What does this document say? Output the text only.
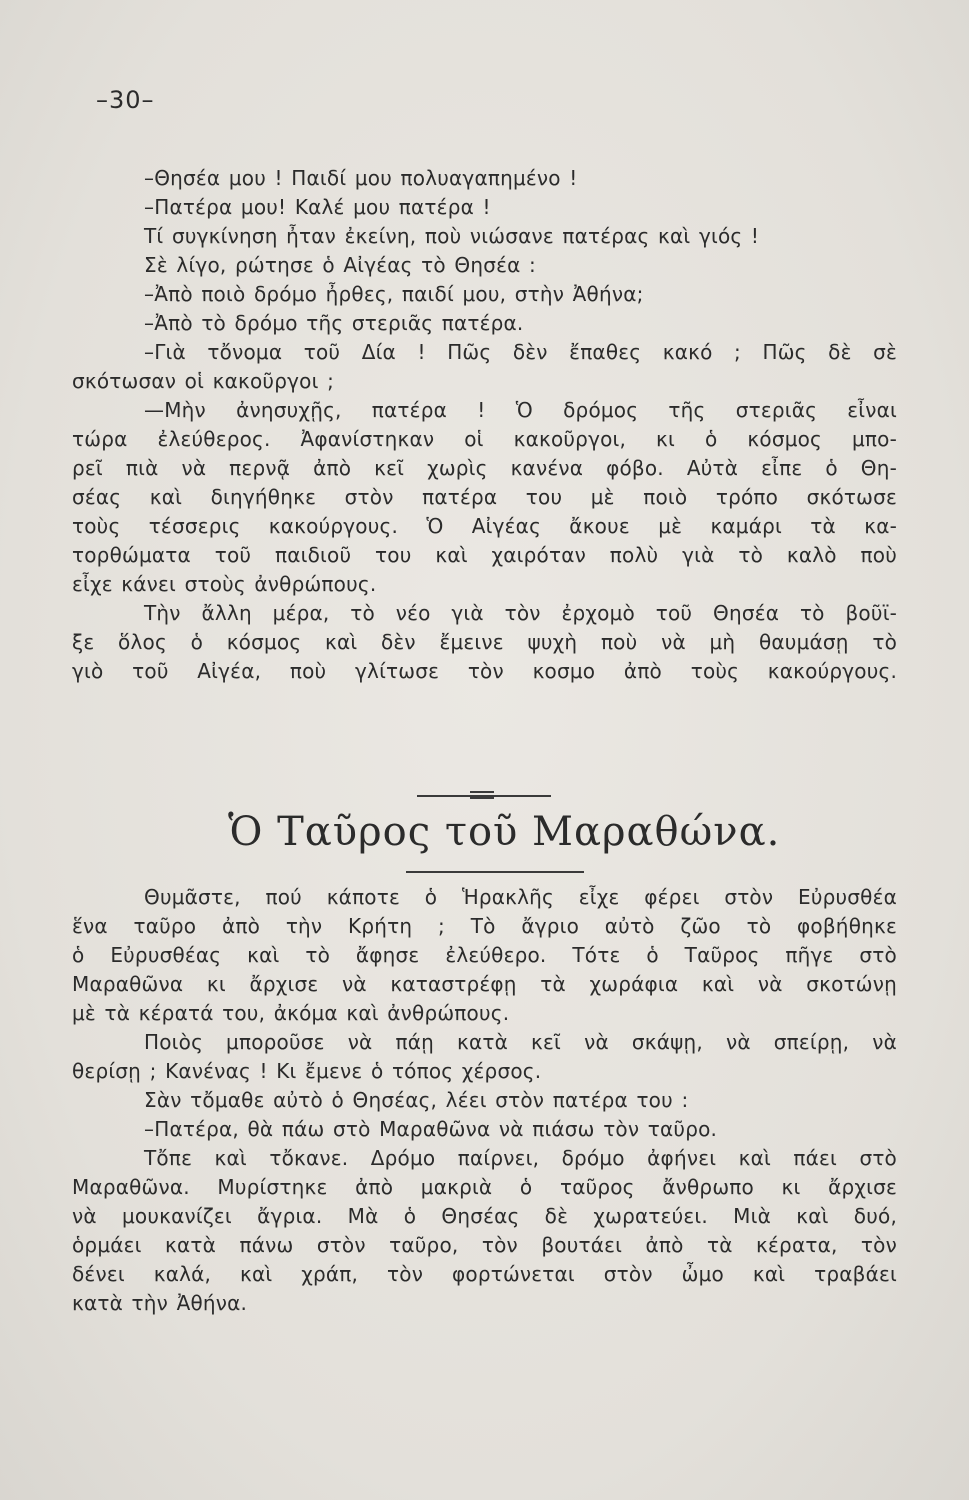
–30–
–Θησέα μου ! Παιδί μου πολυαγαπημένο !
–Πατέρα μου! Καλέ μου πατέρα !
Τί συγκίνηση ἦταν ἐκείνη, ποὺ νιώσανε πατέρας καὶ γιός !
Σὲ λίγο, ρώτησε ὁ Αἰγέας τὸ Θησέα :
–Ἀπὸ ποιὸ δρόμο ἦρθες, παιδί μου, στὴν Ἀθήνα;
–Ἀπὸ τὸ δρόμο τῆς στεριᾶς πατέρα.
–Γιὰ τὄνομα τοῦ Δία ! Πῶς δὲν ἔπαθες κακό ; Πῶς δὲ σὲ
σκότωσαν οἱ κακοῦργοι ;
—Μὴν ἀνησυχῇς, πατέρα ! Ὁ δρόμος τῆς στεριᾶς εἶναι
τώρα ἐλεύθερος. Ἀφανίστηκαν οἱ κακοῦργοι, κι ὁ κόσμος μπο-
ρεῖ πιὰ νὰ περνᾷ ἀπὸ κεῖ χωρὶς κανένα φόβο. Αὐτὰ εἶπε ὁ Θη-
σέας καὶ διηγήθηκε στὸν πατέρα του μὲ ποιὸ τρόπο σκότωσε
τοὺς τέσσερις κακούργους. Ὁ Αἰγέας ἄκουε μὲ καμάρι τὰ κα-
τορθώματα τοῦ παιδιοῦ του καὶ χαιρόταν πολὺ γιὰ τὸ καλὸ ποὺ
εἶχε κάνει στοὺς ἀνθρώπους.
Τὴν ἄλλη μέρα, τὸ νέο γιὰ τὸν ἐρχομὸ τοῦ Θησέα τὸ βοῦϊ-
ξε ὅλος ὁ κόσμος καὶ δὲν ἔμεινε ψυχὴ ποὺ νὰ μὴ θαυμάσῃ τὸ
γιὸ τοῦ Αἰγέα, ποὺ γλίτωσε τὸν κοσμο ἀπὸ τοὺς κακούργους.
Ὁ Ταῦρος τοῦ Μαραθώνα.
Θυμᾶστε, πού κάποτε ὁ Ἡρακλῆς εἶχε φέρει στὸν Εὐρυσθέα
ἕνα ταῦρο ἀπὸ τὴν Κρήτη ; Τὸ ἄγριο αὐτὸ ζῶο τὸ φοβήθηκε
ὁ Εὐρυσθέας καὶ τὸ ἄφησε ἐλεύθερο. Τότε ὁ Ταῦρος πῆγε στὸ
Μαραθῶνα κι ἄρχισε νὰ καταστρέφῃ τὰ χωράφια καὶ νὰ σκοτώνῃ
μὲ τὰ κέρατά του, ἀκόμα καὶ ἀνθρώπους.
Ποιὸς μποροῦσε νὰ πάῃ κατὰ κεῖ νὰ σκάψῃ, νὰ σπείρῃ, νὰ
θερίσῃ ; Κανένας ! Κι ἔμενε ὁ τόπος χέρσος.
Σὰν τὄμαθε αὐτὸ ὁ Θησέας, λέει στὸν πατέρα του :
–Πατέρα, θὰ πάω στὸ Μαραθῶνα νὰ πιάσω τὸν ταῦρο.
Τὄπε καὶ τὄκανε. Δρόμο παίρνει, δρόμο ἀφήνει καὶ πάει στὸ
Μαραθῶνα. Μυρίστηκε ἀπὸ μακριὰ ὁ ταῦρος ἄνθρωπο κι ἄρχισε
νὰ μουκανίζει ἄγρια. Μὰ ὁ Θησέας δὲ χωρατεύει. Μιὰ καὶ δυό,
ὁρμάει κατὰ πάνω στὸν ταῦρο, τὸν βουτάει ἀπὸ τὰ κέρατα, τὸν
δένει καλά, καὶ χράπ, τὸν φορτώνεται στὸν ὦμο καὶ τραβάει
κατὰ τὴν Ἀθήνα.
